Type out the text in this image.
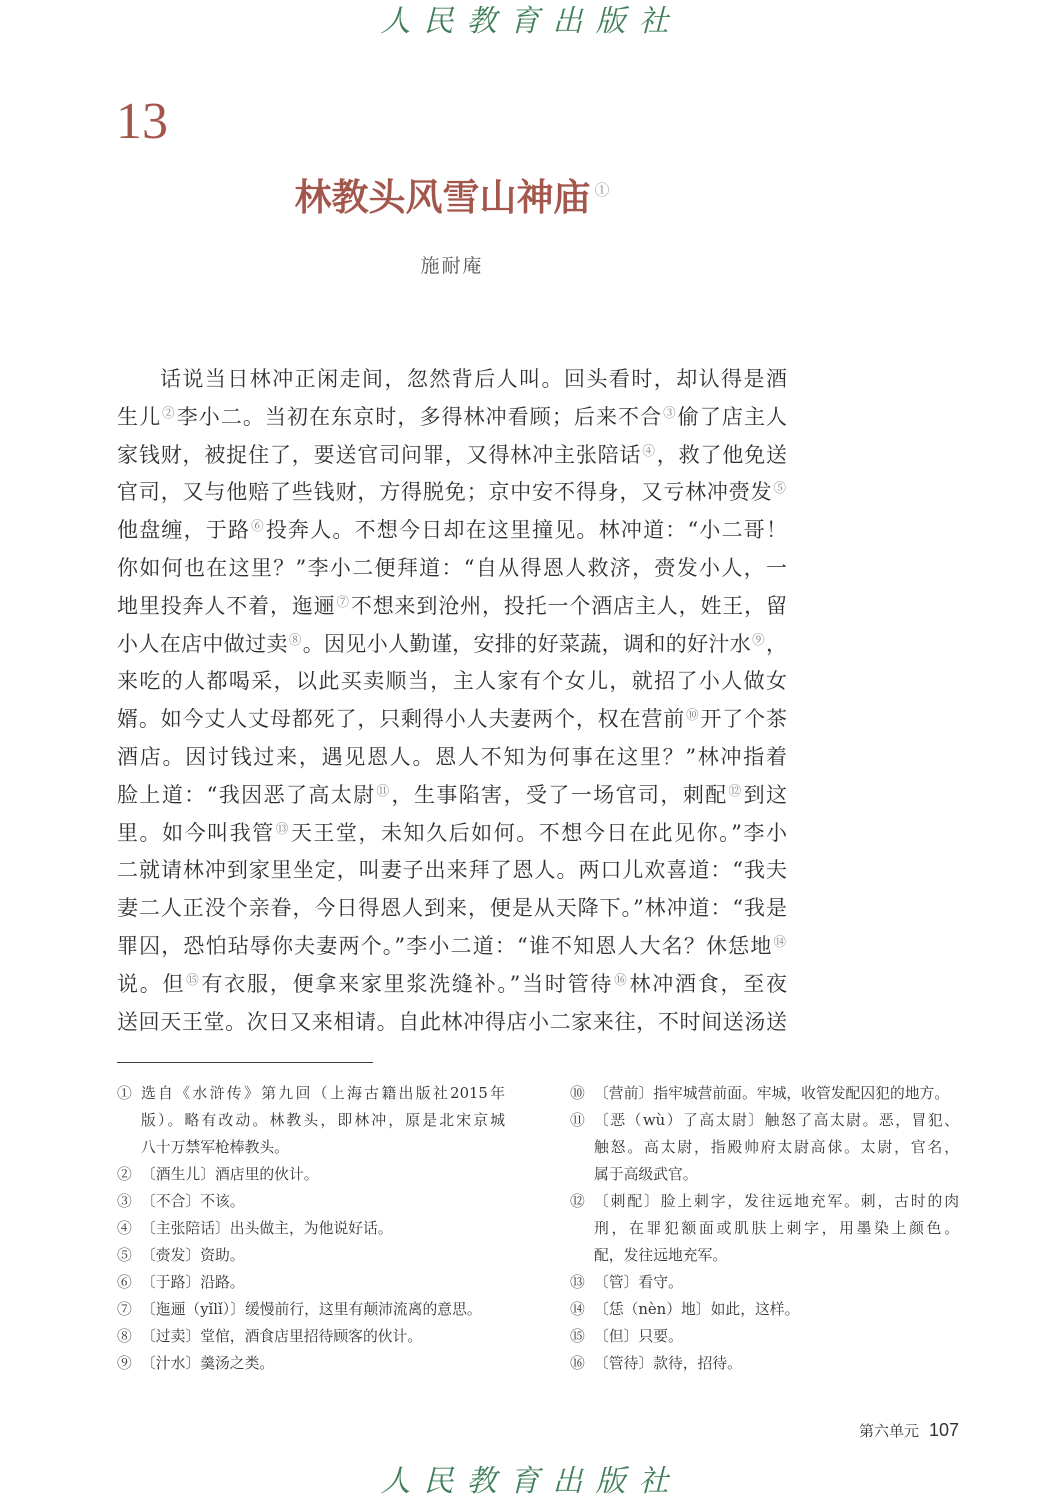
人民教育出版社
13
林教头风雪山神庙 ①
施耐庵
话说当日林冲正闲走间，忽然背后人叫。回头看时，却认得是酒
生儿②李小二。当初在东京时，多得林冲看顾；后来不合③偷了店主人
家钱财，被捉住了，要送官司问罪，又得林冲主张陪话④，救了他免送
官司，又与他赔了些钱财，方得脱免；京中安不得身，又亏林冲赍发⑤
他盘缠，于路⑥投奔人。不想今日却在这里撞见。林冲道：“小二哥！
你如何也在这里？”李小二便拜道：“自从得恩人救济，赍发小人，一
地里投奔人不着，迤逦⑦不想来到沧州，投托一个酒店主人，姓王，留
小人在店中做过卖⑧。因见小人勤谨，安排的好菜蔬，调和的好汁水⑨，
来吃的人都喝采，以此买卖顺当，主人家有个女儿，就招了小人做女
婿。如今丈人丈母都死了，只剩得小人夫妻两个，权在营前⑩开了个茶
酒店。因讨钱过来，遇见恩人。恩人不知为何事在这里？”林冲指着
脸上道：“我因恶了高太尉⑪，生事陷害，受了一场官司，刺配⑫到这
里。如今叫我管⑬天王堂，未知久后如何。不想今日在此见你。”李小
二就请林冲到家里坐定，叫妻子出来拜了恩人。两口儿欢喜道：“我夫
妻二人正没个亲眷，今日得恩人到来，便是从天降下。”林冲道：“我是
罪囚，恐怕玷辱你夫妻两个。”李小二道：“谁不知恩人大名？休恁地⑭
说。但⑮有衣服，便拿来家里浆洗缝补。”当时管待⑯林冲酒食，至夜
送回天王堂。次日又来相请。自此林冲得店小二家来往，不时间送汤送
① 选自《水浒传》第九回（上海古籍出版社2015年
版）。略有改动。林教头，即林冲，原是北宋京城
八十万禁军枪棒教头。
② 〔酒生儿〕酒店里的伙计。
③ 〔不合〕不该。
④ 〔主张陪话〕出头做主，为他说好话。
⑤ 〔赍发〕资助。
⑥ 〔于路〕沿路。
⑦ 〔迤逦（yǐlǐ）〕缓慢前行，这里有颠沛流离的意思。
⑧ 〔过卖〕堂倌，酒食店里招待顾客的伙计。
⑨ 〔汁水〕羹汤之类。
⑩ 〔营前〕指牢城营前面。牢城，收管发配囚犯的地方。
⑪ 〔恶（wù）了高太尉〕触怒了高太尉。恶，冒犯、
触怒。高太尉，指殿帅府太尉高俅。太尉，官名，
属于高级武官。
⑫ 〔刺配〕脸上刺字，发往远地充军。刺，古时的肉
刑，在罪犯额面或肌肤上刺字，用墨染上颜色。
配，发往远地充军。
⑬ 〔管〕看守。
⑭ 〔恁（nèn）地〕如此，这样。
⑮ 〔但〕只要。
⑯ 〔管待〕款待，招待。
第六单元 107
人民教育出版社
